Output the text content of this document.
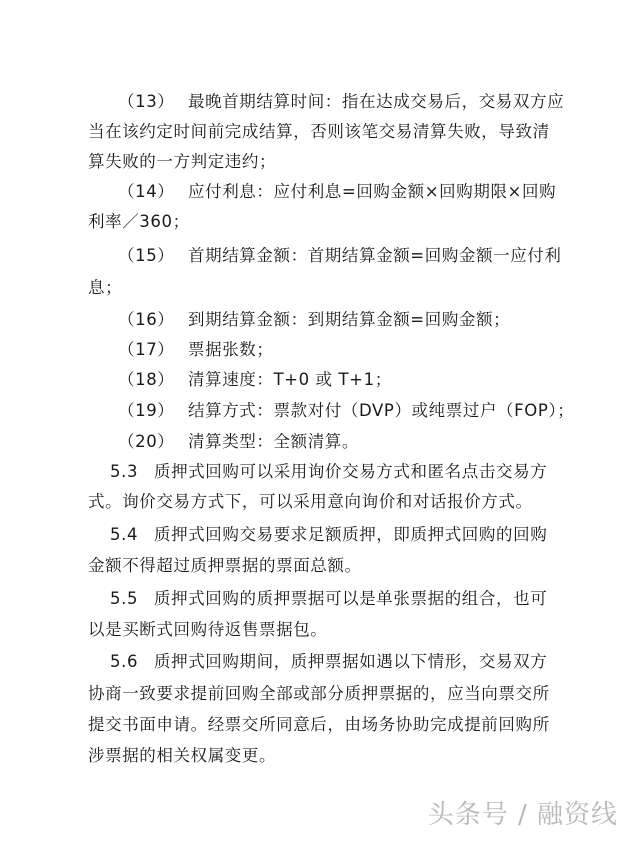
（13） 最晚首期结算时间：指在达成交易后，交易双方应
当在该约定时间前完成结算，否则该笔交易清算失败，导致清
算失败的一方判定违约；
（14） 应付利息：应付利息=回购金额×回购期限×回购
利率／360；
（15） 首期结算金额：首期结算金额=回购金额一应付利
息；
（16） 到期结算金额：到期结算金额=回购金额；
（17） 票据张数；
（18） 清算速度：T+0 或 T+1；
（19） 结算方式：票款对付（DVP）或纯票过户（FOP）；
（20） 清算类型：全额清算。
5.3 质押式回购可以采用询价交易方式和匿名点击交易方
式。询价交易方式下，可以采用意向询价和对话报价方式。
5.4 质押式回购交易要求足额质押，即质押式回购的回购
金额不得超过质押票据的票面总额。
5.5 质押式回购的质押票据可以是单张票据的组合，也可
以是买断式回购待返售票据包。
5.6 质押式回购期间，质押票据如遇以下情形，交易双方
协商一致要求提前回购全部或部分质押票据的，应当向票交所
提交书面申请。经票交所同意后，由场务协助完成提前回购所
涉票据的相关权属变更。
头条号 / 融资线
